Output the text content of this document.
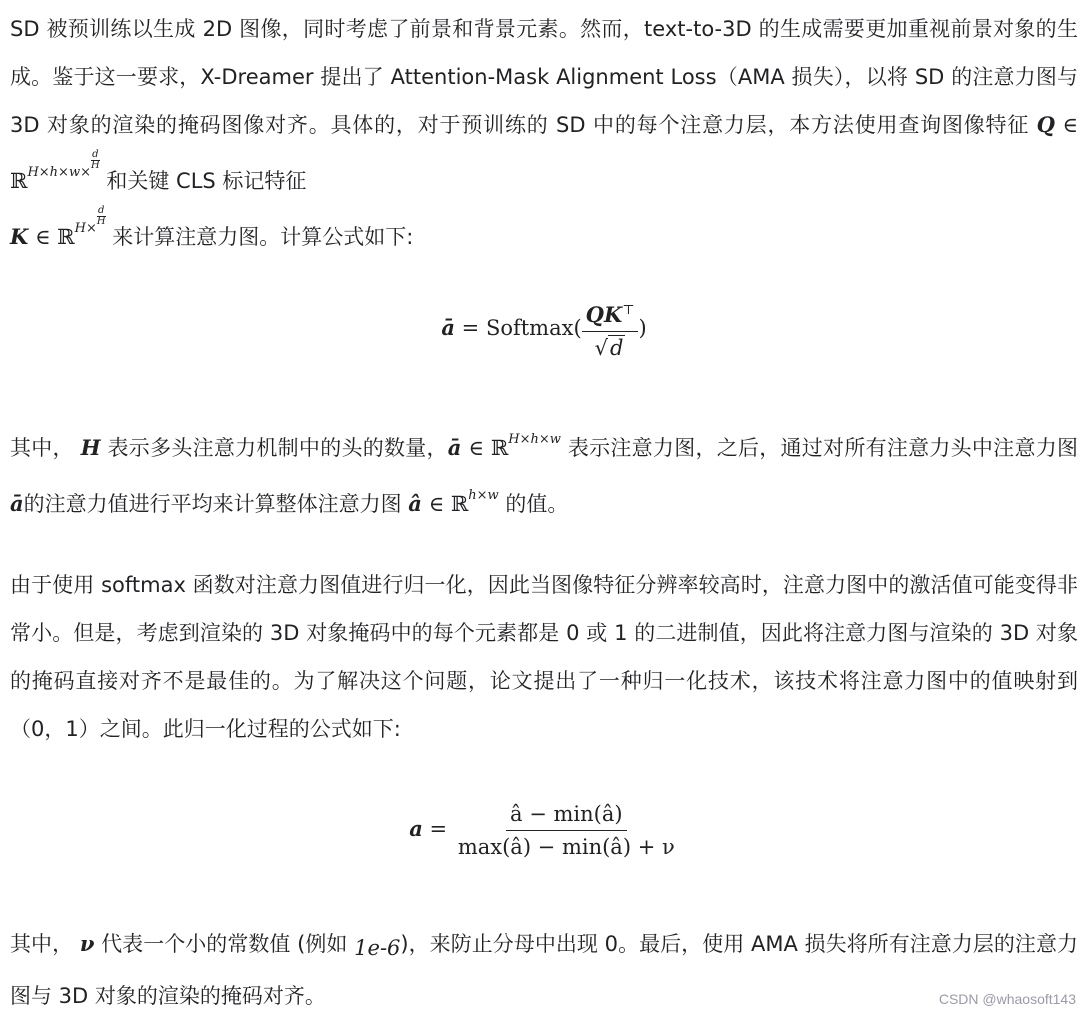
SD 被预训练以生成 2D 图像，同时考虑了前景和背景元素。然而，text-to-3D 的生成需要更加重视前景对象的生成。鉴于这一要求，X-Dreamer 提出了 Attention-Mask Alignment Loss（AMA 损失），以将 SD 的注意力图与 3D 对象的渲染的掩码图像对齐。具体的，对于预训练的 SD 中的每个注意力层，本方法使用查询图像特征 Q ∈ ℝ$^{H\times h\times w\times \frac{d}{H}}$
和关键 CLS 标记特征
K ∈ ℝ$^{H\times \frac{d}{H}}$
来计算注意力图。计算公式如下:

ā = Softmax( $\frac{QK^⊤}{√d}$ )

其中， H 表示多头注意力机制中的头的数量，ā ∈ ℝ$^{H\times h\times w}$ 表示注意力图，之后，通过对所有注意力头中注意力图ā的注意力值进行平均来计算整体注意力图 â ∈ ℝ$^{h\times w}$ 的值。

由于使用 softmax 函数对注意力图值进行归一化，因此当图像特征分辨率较高时，注意力图中的激活值可能变得非常小。但是，考虑到渲染的 3D 对象掩码中的每个元素都是 0 或 1 的二进制值，因此将注意力图与渲染的 3D 对象的掩码直接对齐不是最佳的。为了解决这个问题，论文提出了一种归一化技术，该技术将注意力图中的值映射到（0，1）之间。此归一化过程的公式如下:

$a = \frac{â - \min(â)}{\max(â) - \min(â) + \nu}$

其中， ν 代表一个小的常数值 (例如 1e-6)，来防止分母中出现 0。最后，使用 AMA 损失将所有注意力层的注意力图与 3D 对象的渲染的掩码对齐。	CSDN @whaosoft143
